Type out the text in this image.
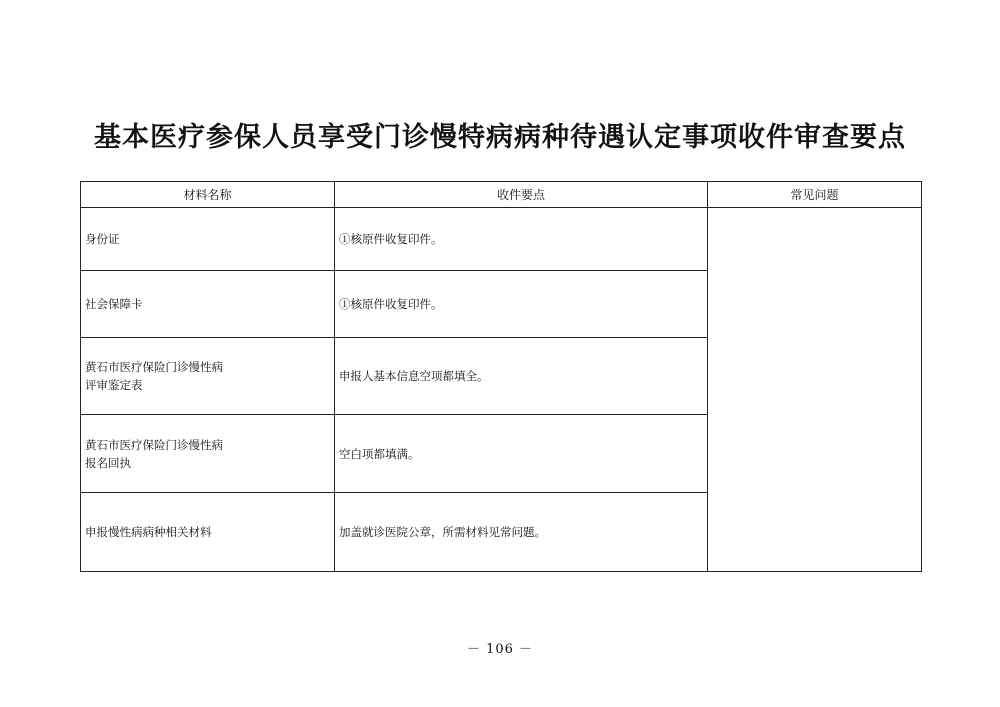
基本医疗参保人员享受门诊慢特病病种待遇认定事项收件审查要点
材料名称	收件要点	常见问题
身份证	①核原件收复印件。	
社会保障卡	①核原件收复印件。	
黄石市医疗保险门诊慢性病
评审鉴定表	申报人基本信息空项都填全。	
黄石市医疗保险门诊慢性病
报名回执	空白项都填满。	
申报慢性病病种相关材料	加盖就诊医院公章，所需材料见常问题。	
－ 106 －
